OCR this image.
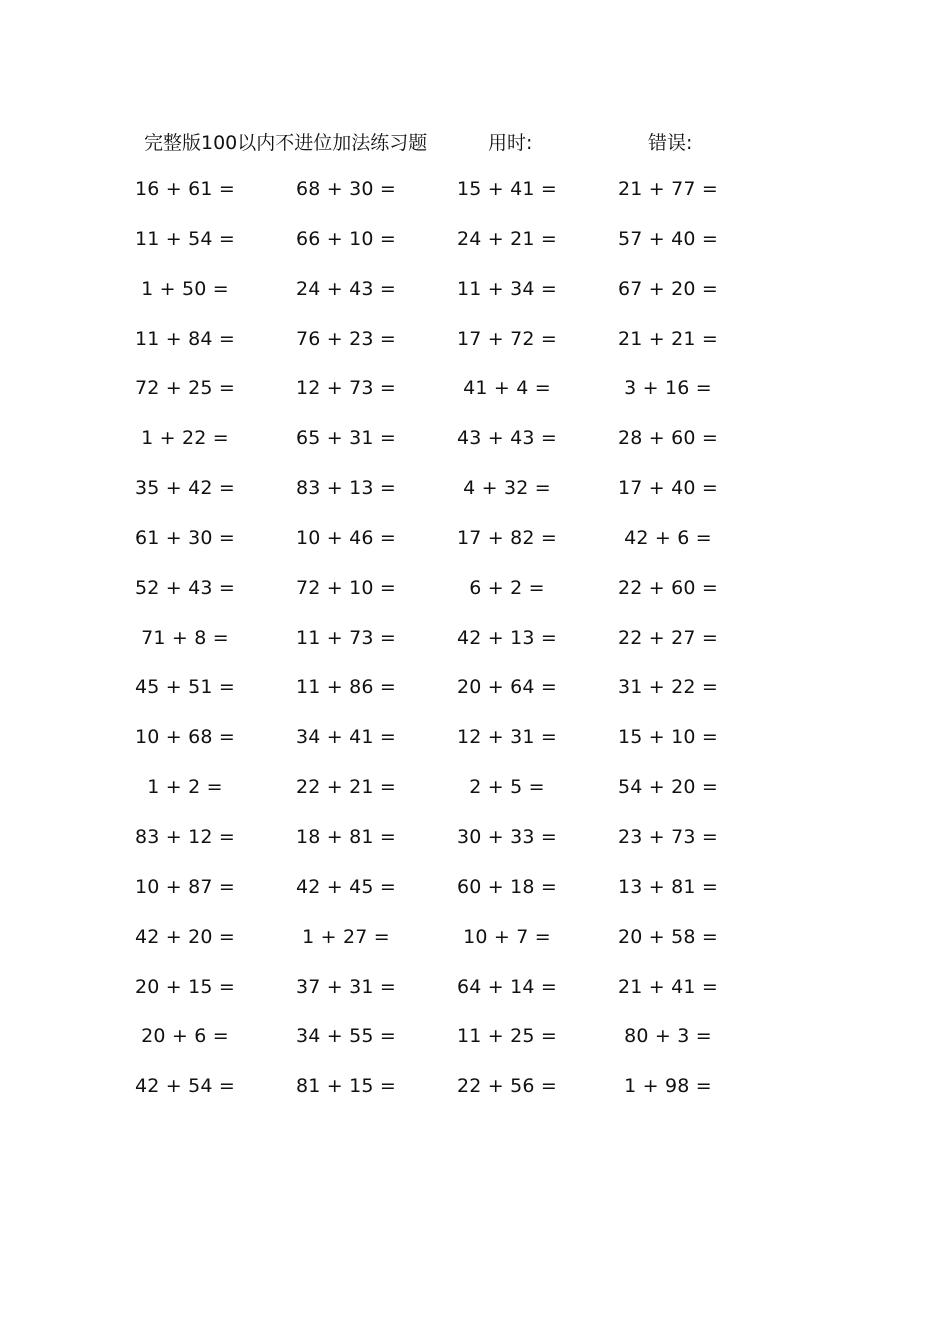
完整版100以内不进位加法练习题	用时:	错误:
16 + 61 =	68 + 30 =	15 + 41 =	21 + 77 =
11 + 54 =	66 + 10 =	24 + 21 =	57 + 40 =
1 + 50 =	24 + 43 =	11 + 34 =	67 + 20 =
11 + 84 =	76 + 23 =	17 + 72 =	21 + 21 =
72 + 25 =	12 + 73 =	41 + 4 =	3 + 16 =
1 + 22 =	65 + 31 =	43 + 43 =	28 + 60 =
35 + 42 =	83 + 13 =	4 + 32 =	17 + 40 =
61 + 30 =	10 + 46 =	17 + 82 =	42 + 6 =
52 + 43 =	72 + 10 =	6 + 2 =	22 + 60 =
71 + 8 =	11 + 73 =	42 + 13 =	22 + 27 =
45 + 51 =	11 + 86 =	20 + 64 =	31 + 22 =
10 + 68 =	34 + 41 =	12 + 31 =	15 + 10 =
1 + 2 =	22 + 21 =	2 + 5 =	54 + 20 =
83 + 12 =	18 + 81 =	30 + 33 =	23 + 73 =
10 + 87 =	42 + 45 =	60 + 18 =	13 + 81 =
42 + 20 =	1 + 27 =	10 + 7 =	20 + 58 =
20 + 15 =	37 + 31 =	64 + 14 =	21 + 41 =
20 + 6 =	34 + 55 =	11 + 25 =	80 + 3 =
42 + 54 =	81 + 15 =	22 + 56 =	1 + 98 =
